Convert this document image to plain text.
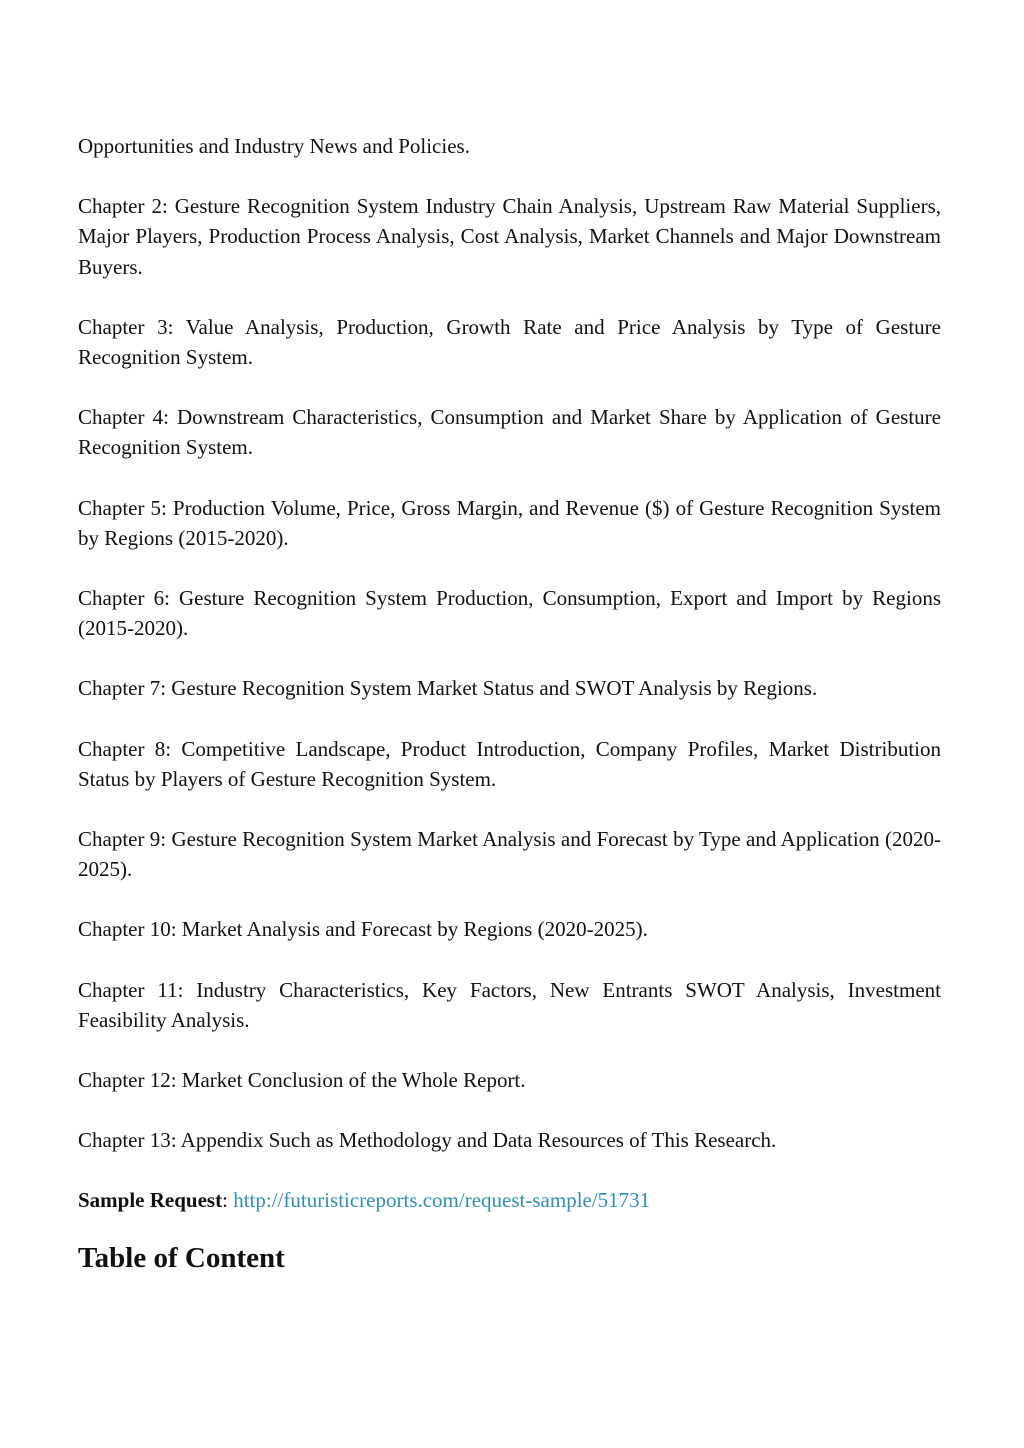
Opportunities and Industry News and Policies.

Chapter 2: Gesture Recognition System Industry Chain Analysis, Upstream Raw Material Suppliers, Major Players, Production Process Analysis, Cost Analysis, Market Channels and Major Downstream Buyers.

Chapter 3: Value Analysis, Production, Growth Rate and Price Analysis by Type of Gesture Recognition System.

Chapter 4: Downstream Characteristics, Consumption and Market Share by Application of Gesture Recognition System.

Chapter 5: Production Volume, Price, Gross Margin, and Revenue ($) of Gesture Recognition System by Regions (2015-2020).

Chapter 6: Gesture Recognition System Production, Consumption, Export and Import by Regions (2015-2020).

Chapter 7: Gesture Recognition System Market Status and SWOT Analysis by Regions.

Chapter 8: Competitive Landscape, Product Introduction, Company Profiles, Market Distribution Status by Players of Gesture Recognition System.

Chapter 9: Gesture Recognition System Market Analysis and Forecast by Type and Application (2020-2025).

Chapter 10: Market Analysis and Forecast by Regions (2020-2025).

Chapter 11: Industry Characteristics, Key Factors, New Entrants SWOT Analysis, Investment Feasibility Analysis.

Chapter 12: Market Conclusion of the Whole Report.

Chapter 13: Appendix Such as Methodology and Data Resources of This Research.

Sample Request: http://futuristicreports.com/request-sample/51731

Table of Content
